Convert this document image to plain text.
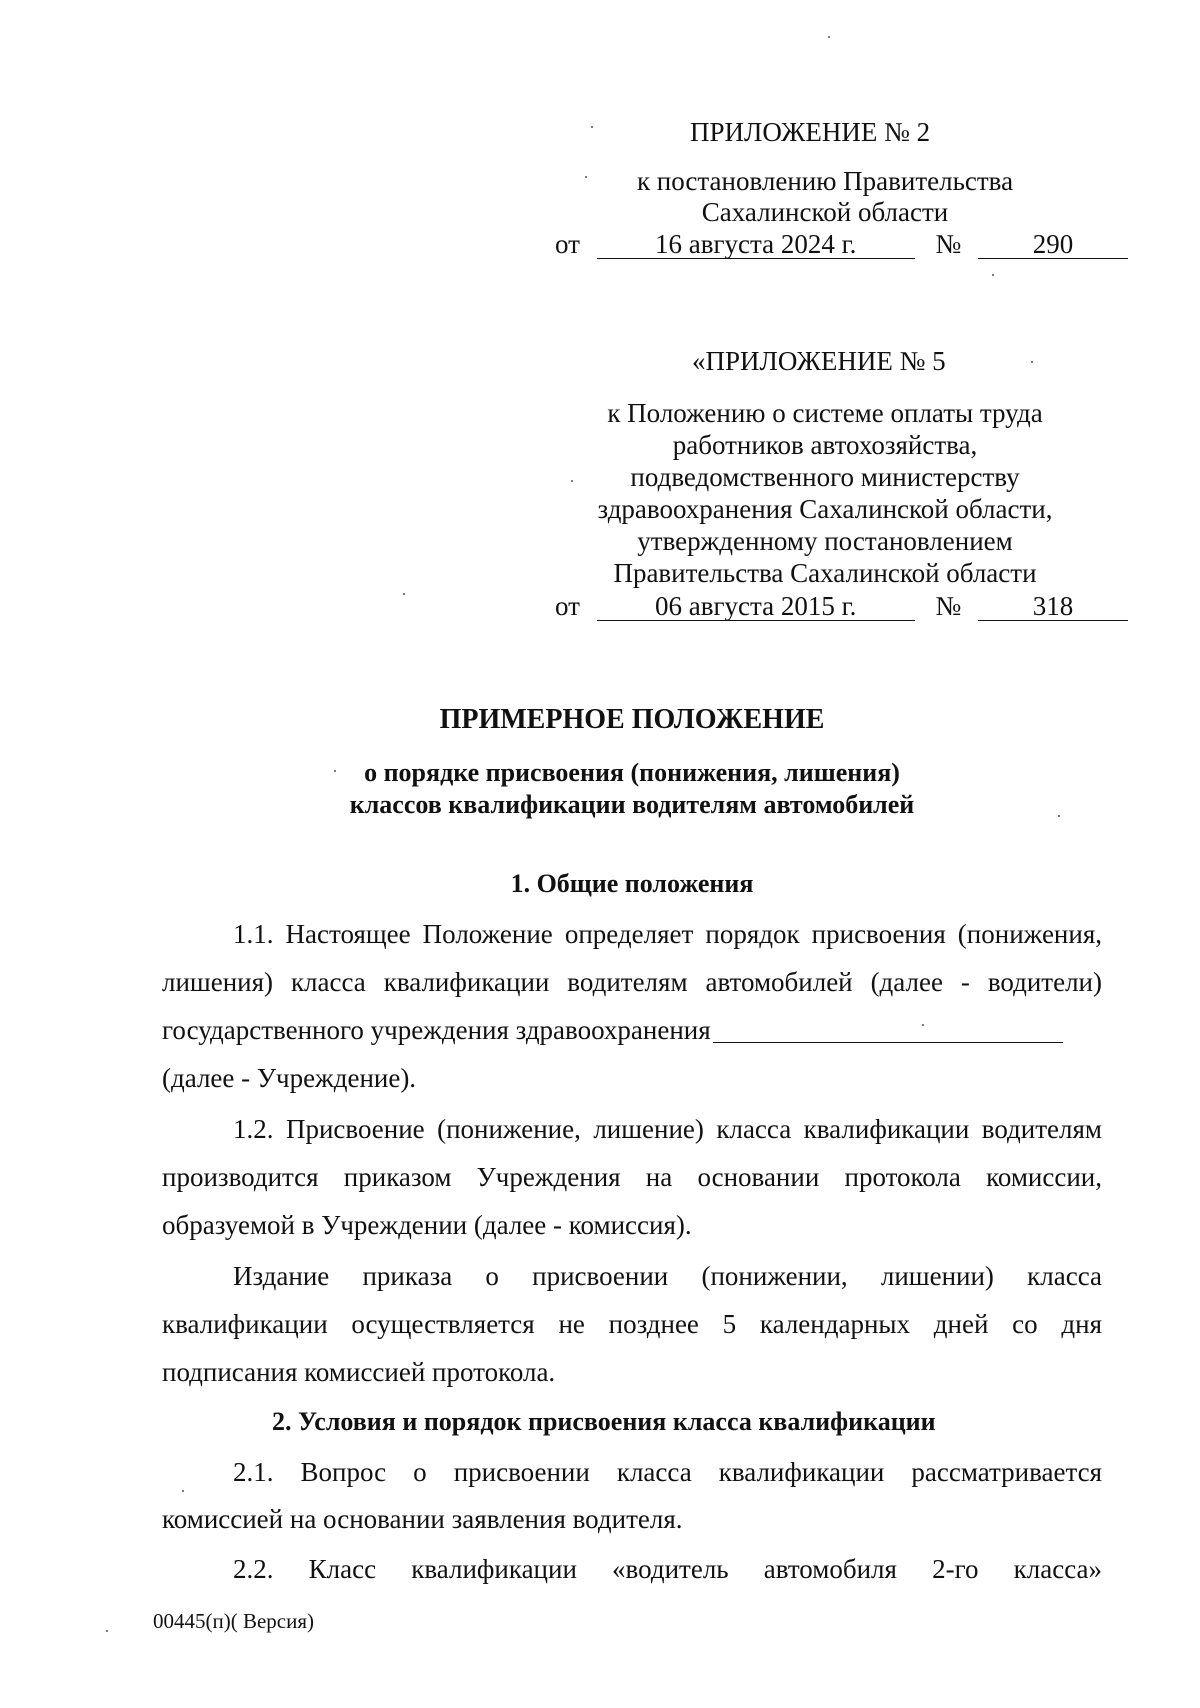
ПРИЛОЖЕНИЕ № 2
к постановлению Правительства
Сахалинской области
от	16 августа 2024 г.	№	290
«ПРИЛОЖЕНИЕ № 5
к Положению о системе оплаты труда
работников автохозяйства,
подведомственного министерству
здравоохранения Сахалинской области,
утвержденному постановлением
Правительства Сахалинской области
от	06 августа 2015 г.	№	318
ПРИМЕРНОЕ ПОЛОЖЕНИЕ
о порядке присвоения (понижения, лишения)
классов квалификации водителям автомобилей
1. Общие положения
1.1. Настоящее Положение определяет порядок присвоения (понижения,
лишения) класса квалификации водителям автомобилей (далее - водители)
государственного учреждения здравоохранения
(далее - Учреждение).
1.2. Присвоение (понижение, лишение) класса квалификации водителям
производится приказом Учреждения на основании протокола комиссии,
образуемой в Учреждении (далее - комиссия).
Издание приказа о присвоении (понижении, лишении) класса
квалификации осуществляется не позднее 5 календарных дней со дня
подписания комиссией протокола.
2. Условия и порядок присвоения класса квалификации
2.1. Вопрос о присвоении класса квалификации рассматривается
комиссией на основании заявления водителя.
2.2. Класс квалификации «водитель автомобиля 2-го класса»
00445(п)( Версия)
